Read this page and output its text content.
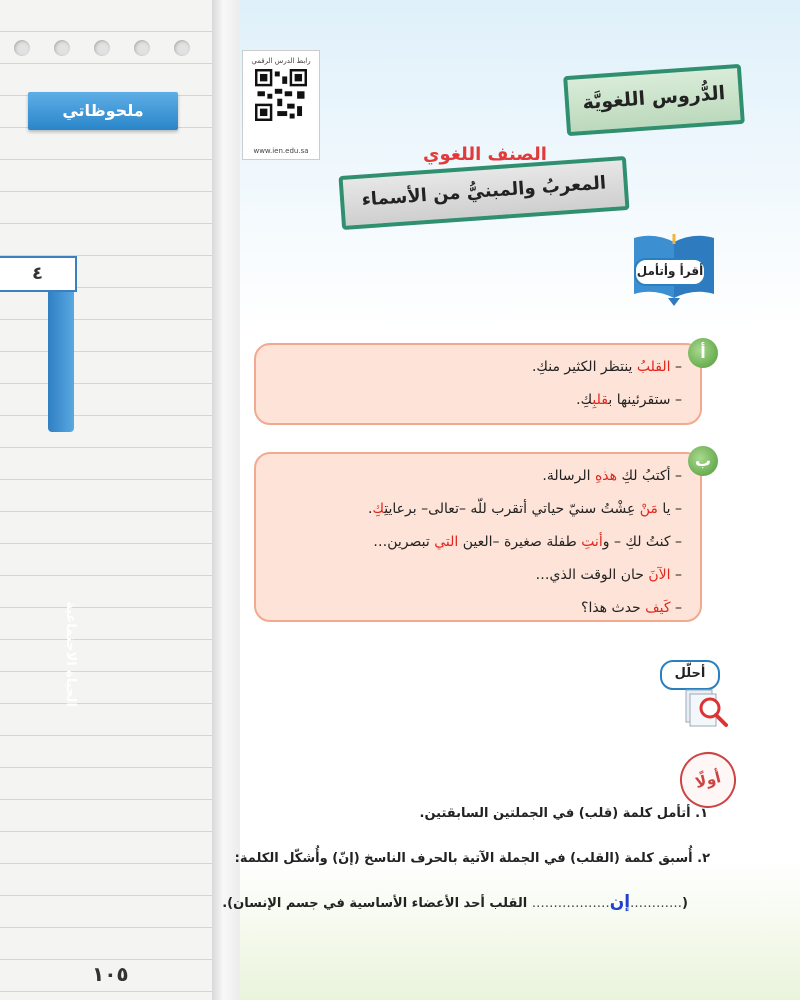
ملحوظاتي
٤
الحياة الاجتماعية
١٠٥
رابط الدرس الرقمي
www.ien.edu.sa
الدُّروس اللغويَّة
الصنف اللغوي
المعربُ والمبنيُّ من الأسماء
أقرأ وأتأمل
– القلبُ ينتظر الكثير منكِ.
– ستقرئينها بقلبِكِ.
أ
– أكتبُ لكِ هذهِ الرسالة.
– يا مَنْ عِشْتُ سنيّ حياتي أتقرب للّه –تعالى– برعايتِكِ.
– كنتُ لكِ – وأنتِ طفلة صغيرة –العين التي تبصرين…
– الآنَ حان الوقت الذي…
– كَيف حدث هذا؟
ب
أحلّل
أولًا
١. أتأمل كلمة (قلب) في الجملتين السابقتين.
٢. أُسبق كلمة (القلب) في الجملة الآتية بالحرف الناسخ (إنّ) وأُشكّل الكلمة:
(…………إن……………… القلب أحد الأعضاء الأساسية في جسم الإنسان).
